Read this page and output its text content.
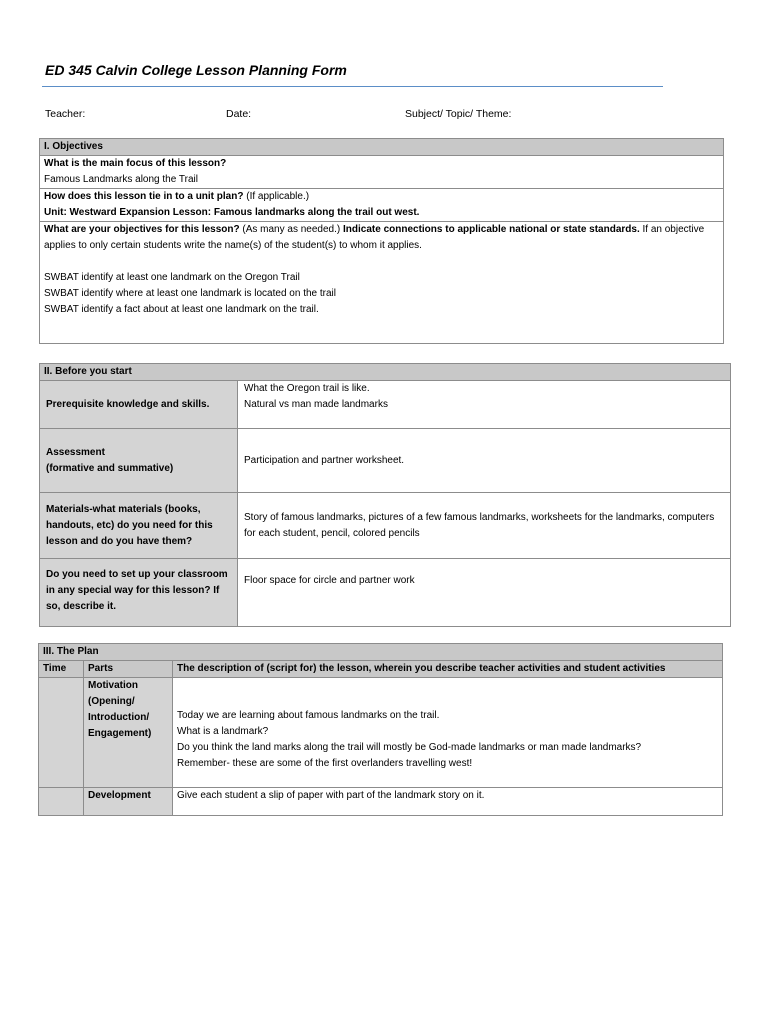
ED 345 Calvin College Lesson Planning Form
Teacher:	Date:	Subject/ Topic/ Theme:
I. Objectives

What is the main focus of this lesson?
Famous Landmarks along the Trail

How does this lesson tie in to a unit plan? (If applicable.)
Unit: Westward Expansion Lesson: Famous landmarks along the trail out west.

What are your objectives for this lesson? (As many as needed.) Indicate connections to applicable national or state standards. If an objective applies to only certain students write the name(s) of the student(s) to whom it applies.
SWBAT identify at least one landmark on the Oregon Trail
SWBAT identify where at least one landmark is located on the trail
SWBAT identify a fact about at least one landmark on the trail.
II. Before you start	
Prerequisite knowledge and skills.	What the Oregon trail is like.
Natural vs man made landmarks

Assessment
(formative and summative)	Participation and partner worksheet.
Materials-what materials (books, handouts, etc) do you need for this lesson and do you have them?	Story of famous landmarks, pictures of a few famous landmarks, worksheets for the landmarks, computers for each student, pencil, colored pencils
Do you need to set up your classroom in any special way for this lesson? If so, describe it.	Floor space for circle and partner work
III. The Plan		
Time	Parts	The description of (script for) the lesson, wherein you describe teacher activities and student activities
	Motivation (Opening/ Introduction/ Engagement)	Today we are learning about famous landmarks on the trail.
What is a landmark?
Do you think the land marks along the trail will mostly be God-made landmarks or man made landmarks?
Remember- these are some of the first overlanders travelling west!

	Development	Give each student a slip of paper with part of the landmark story on it.
